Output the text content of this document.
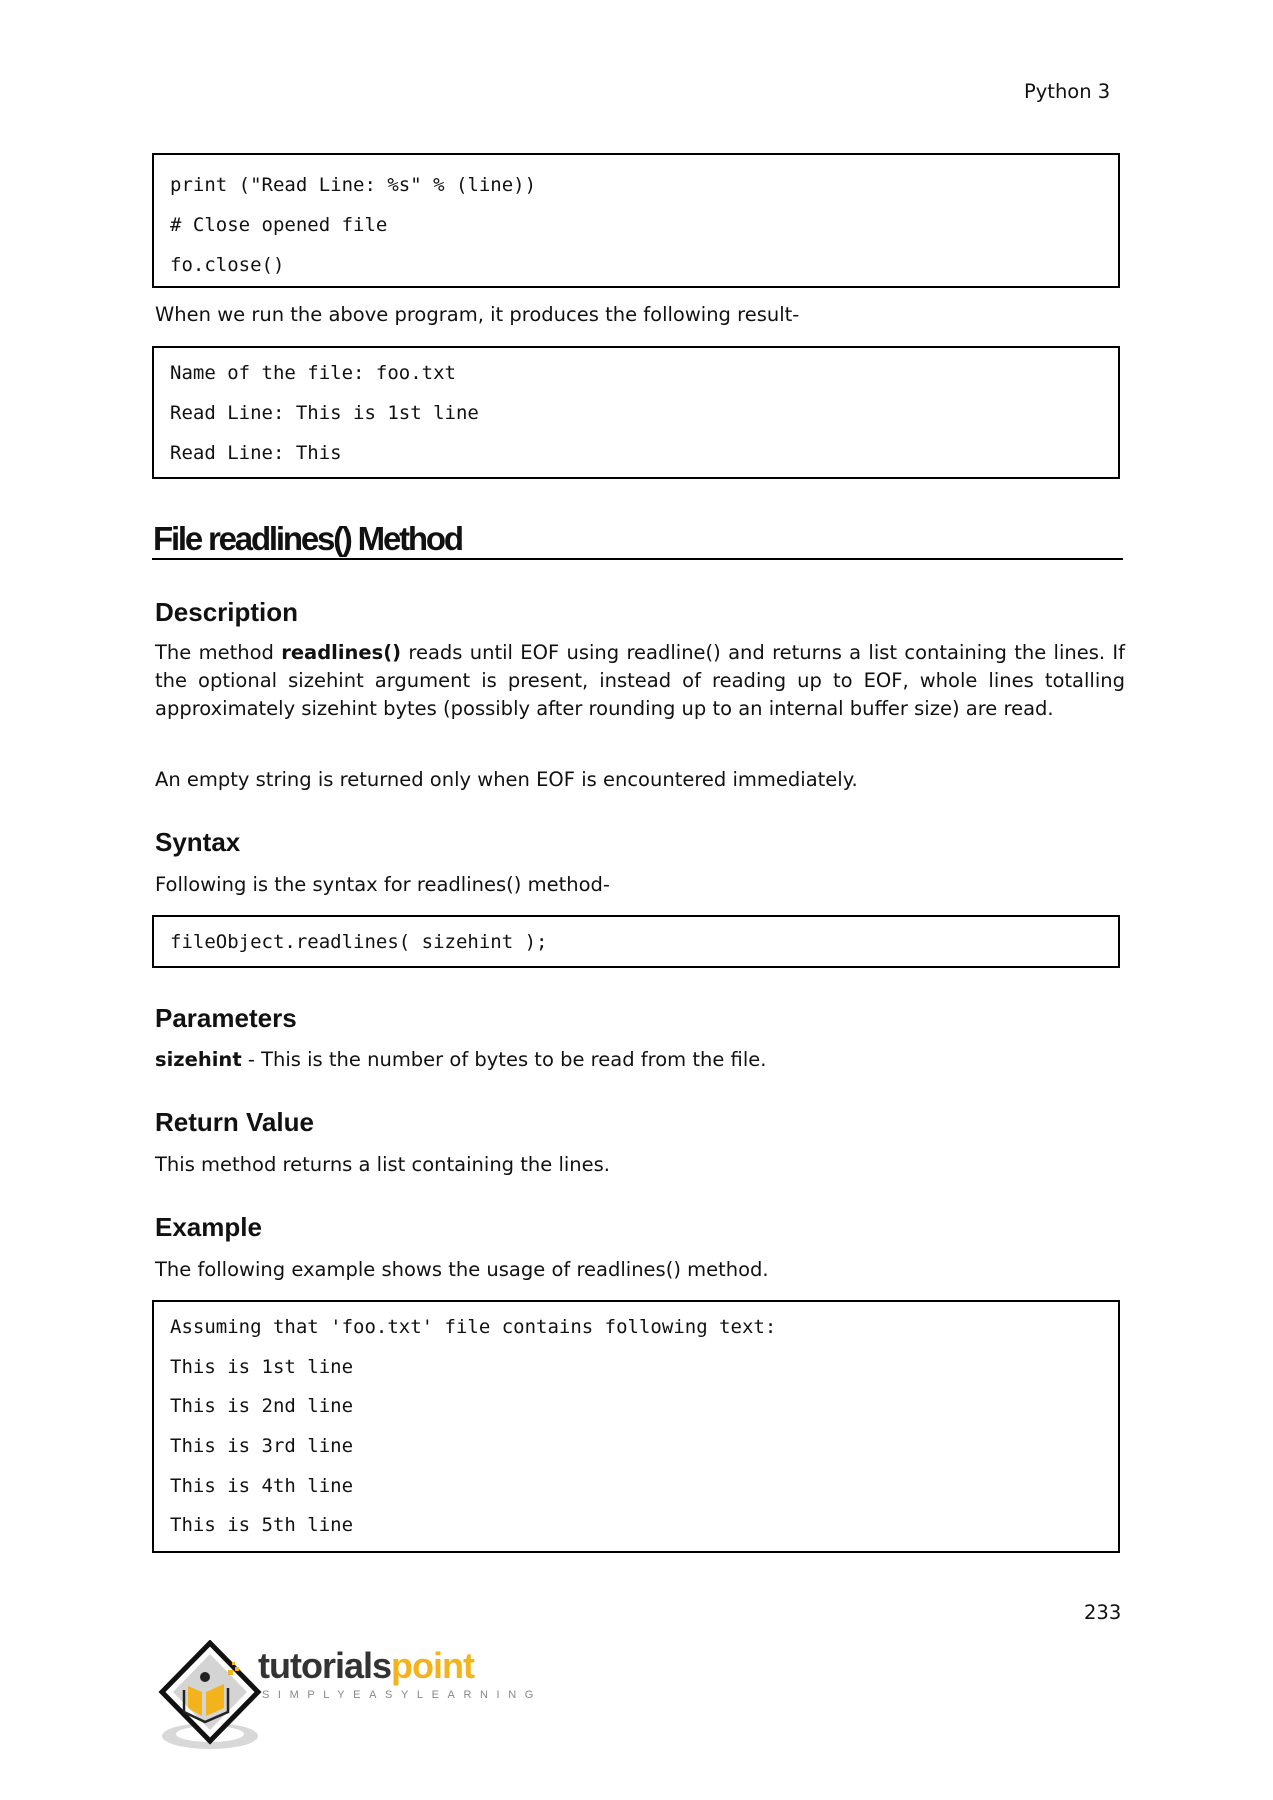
Python 3
print ("Read Line: %s" % (line))
# Close opened file
fo.close()
When we run the above program, it produces the following result-
Name of the file: foo.txt
Read Line: This is 1st line
Read Line: This
File readlines() Method
Description
The method readlines() reads until EOF using readline() and returns a list containing the lines. If the optional sizehint argument is present, instead of reading up to EOF, whole lines totalling approximately sizehint bytes (possibly after rounding up to an internal buffer size) are read.
An empty string is returned only when EOF is encountered immediately.
Syntax
Following is the syntax for readlines() method-
fileObject.readlines( sizehint );
Parameters
sizehint - This is the number of bytes to be read from the file.
Return Value
This method returns a list containing the lines.
Example
The following example shows the usage of readlines() method.
Assuming that 'foo.txt' file contains following text:
This is 1st line
This is 2nd line
This is 3rd line
This is 4th line
This is 5th line
233

tutorialspoint

SIMPLYEASYLEARNING
